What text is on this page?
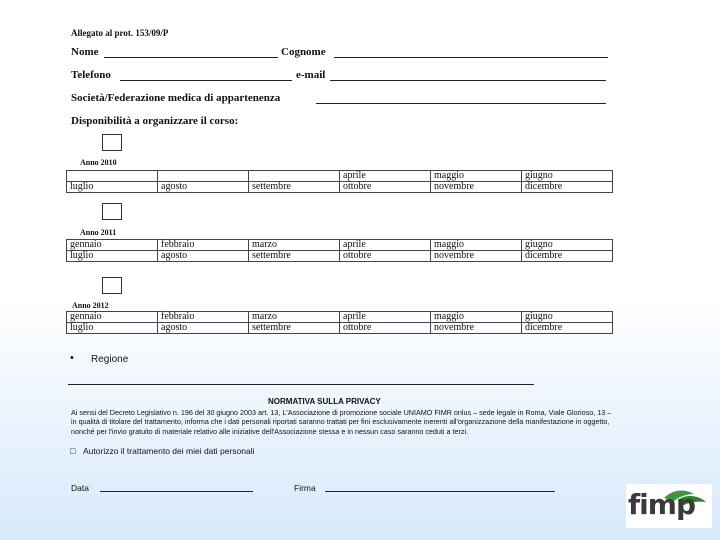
Allegato al prot. 153/09/P
Nome	Cognome
Telefono	e-mail
Società/Federazione medica di appartenenza
Disponibilità a organizzare il corso:
			aprile	maggio	giugno
luglio	agosto	settembre	ottobre	novembre	dicembre
Anno 2010
gennaio	febbraio	marzo	aprile	maggio	giugno
luglio	agosto	settembre	ottobre	novembre	dicembre
Anno 2011
Anno 2012
gennaio	febbraio	marzo	aprile	maggio	giugno
luglio	agosto	settembre	ottobre	novembre	dicembre
• Regione
NORMATIVA SULLA PRIVACY
Ai sensi del Decreto Legislativo n. 196 del 30 giugno 2003 art. 13, L'Associazione di promozione sociale UNIAMO FIMR onlus – sede legale in Roma, Viale Glorioso, 13 – in qualità di titolare del trattamento, informa che i dati personali riportati saranno trattati per fini esclusivamente inerenti all'organizzazione della manifestazione in oggetto, nonché per l'invio gratuito di materiale relativo alle iniziative dell'Associazione stessa e in nessun caso saranno ceduti a terzi.
□ Autorizzo il trattamento dei miei dati personali
Data	Firma	fimp
